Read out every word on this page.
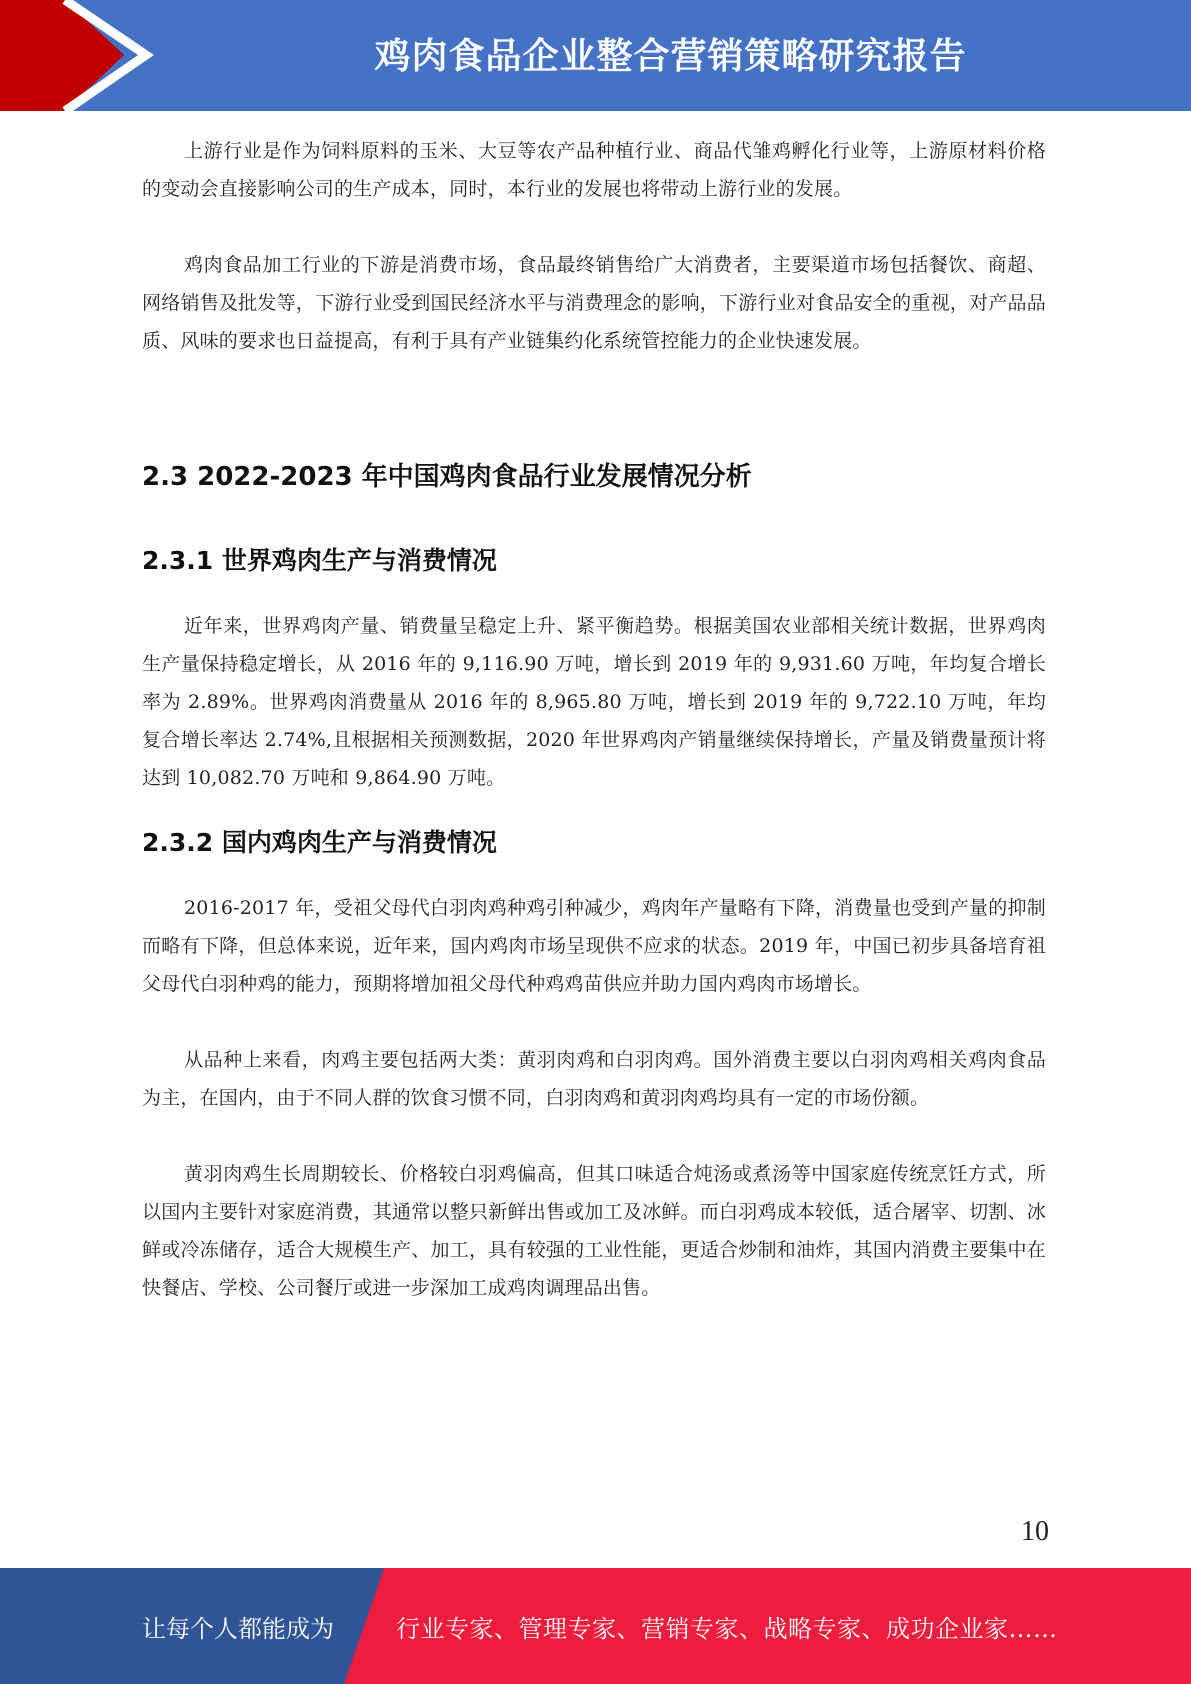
鸡肉食品企业整合营销策略研究报告

上游行业是作为饲料原料的玉米、大豆等农产品种植行业、商品代雏鸡孵化行业等，上游原材料价格的变动会直接影响公司的生产成本，同时，本行业的发展也将带动上游行业的发展。

鸡肉食品加工行业的下游是消费市场，食品最终销售给广大消费者，主要渠道市场包括餐饮、商超、网络销售及批发等，下游行业受到国民经济水平与消费理念的影响，下游行业对食品安全的重视，对产品品质、风味的要求也日益提高，有利于具有产业链集约化系统管控能力的企业快速发展。

2.3 2022-2023 年中国鸡肉食品行业发展情况分析
2.3.1 世界鸡肉生产与消费情况

近年来，世界鸡肉产量、销费量呈稳定上升、紧平衡趋势。根据美国农业部相关统计数据，世界鸡肉生产量保持稳定增长，从 2016 年的 9,116.90 万吨，增长到 2019 年的 9,931.60 万吨，年均复合增长率为 2.89%。世界鸡肉消费量从 2016 年的 8,965.80 万吨，增长到 2019 年的 9,722.10 万吨，年均复合增长率达 2.74%,且根据相关预测数据，2020 年世界鸡肉产销量继续保持增长，产量及销费量预计将达到 10,082.70 万吨和 9,864.90 万吨。

2.3.2 国内鸡肉生产与消费情况

2016-2017 年，受祖父母代白羽肉鸡种鸡引种减少，鸡肉年产量略有下降，消费量也受到产量的抑制而略有下降，但总体来说，近年来，国内鸡肉市场呈现供不应求的状态。2019 年，中国已初步具备培育祖父母代白羽种鸡的能力，预期将增加祖父母代种鸡鸡苗供应并助力国内鸡肉市场增长。

从品种上来看，肉鸡主要包括两大类：黄羽肉鸡和白羽肉鸡。国外消费主要以白羽肉鸡相关鸡肉食品为主，在国内，由于不同人群的饮食习惯不同，白羽肉鸡和黄羽肉鸡均具有一定的市场份额。

黄羽肉鸡生长周期较长、价格较白羽鸡偏高，但其口味适合炖汤或煮汤等中国家庭传统烹饪方式，所以国内主要针对家庭消费，其通常以整只新鲜出售或加工及冰鲜。而白羽鸡成本较低，适合屠宰、切割、冰鲜或冷冻储存，适合大规模生产、加工，具有较强的工业性能，更适合炒制和油炸，其国内消费主要集中在快餐店、学校、公司餐厅或进一步深加工成鸡肉调理品出售。

10
让每个人都能成为	行业专家、管理专家、营销专家、战略专家、成功企业家……
